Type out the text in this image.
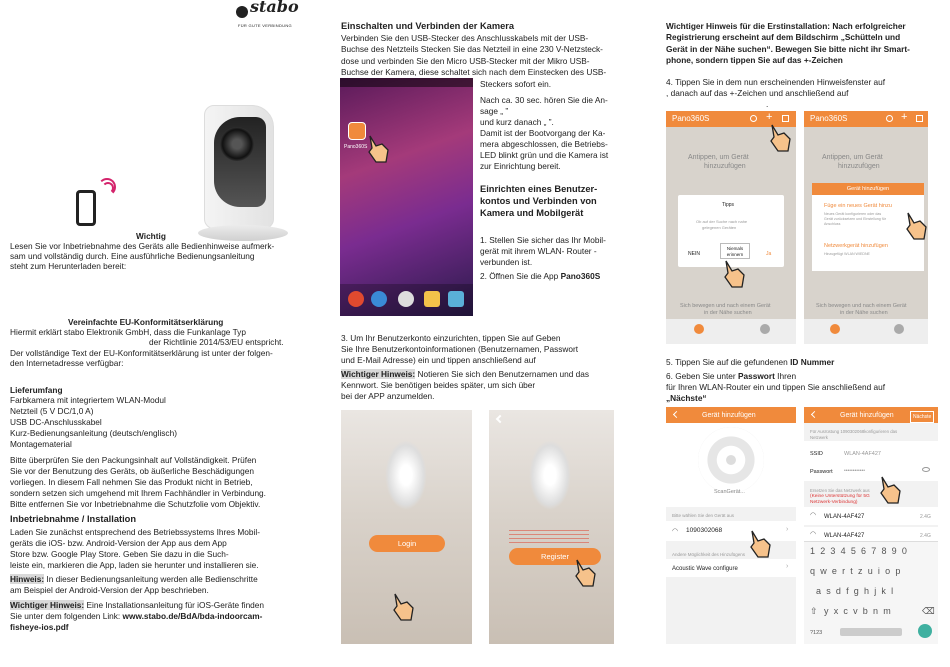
stabo
FÜR GUTE VERBINDUNG
Wichtig
Lesen Sie vor Inbetriebnahme des Geräts alle Bedienhinweise aufmerk-
sam und vollständig durch. Eine ausführliche Bedienungsanleitung
steht zum Herunterladen bereit:
Vereinfachte EU-Konformitätserklärung
Hiermit erklärt stabo Elektronik GmbH, dass die Funkanlage Typ
der Richtlinie 2014/53/EU entspricht.
Der vollständige Text der EU-Konformitätserklärung ist unter der folgen-
den Internetadresse verfügbar:
Lieferumfang
Farbkamera mit integriertem WLAN-Modul
Netzteil (5 V DC/1,0 A)
USB DC-Anschlusskabel
Kurz-Bedienungsanleitung (deutsch/englisch)
Montagematerial
Bitte überprüfen Sie den Packungsinhalt auf Vollständigkeit. Prüfen
Sie vor der Benutzung des Geräts, ob äußerliche Beschädigungen
vorliegen. In diesem Fall nehmen Sie das Produkt nicht in Betrieb,
sondern setzen sich umgehend mit Ihrem Fachhändler in Verbindung.
Bitte entfernen Sie vor Inbetriebnahme die Schutzfolie vom Objektiv.
Inbetriebnahme / Installation
Laden Sie zunächst entsprechend des Betriebssystems Ihres Mobil-
geräts die iOS- bzw. Android-Version der App aus dem App
Store bzw. Google Play Store. Geben Sie dazu in die Such-
leiste ein, markieren die App, laden sie herunter und installieren sie.
Hinweis: In dieser Bedienungsanleitung werden alle Bedienschritte
am Beispiel der Android-Version der App beschrieben.
Wichtiger Hinweis: Eine Installationsanleitung für iOS-Geräte finden
Sie unter dem folgenden Link: www.stabo.de/BdA/bda-indoorcam-
fisheye-ios.pdf
Einschalten und Verbinden der Kamera
Verbinden Sie den USB-Stecker des Anschlusskabels mit der USB-
Buchse des Netzteils Stecken Sie das Netzteil in eine 230 V-Netzsteck-
dose und verbinden Sie den Micro USB-Stecker mit der Mikro USB-
Buchse der Kamera, diese schaltet sich nach dem Einstecken des USB-
Pano360S
Steckers sofort ein.
Nach ca. 30 sec. hören Sie die An-
sage „ ”
und kurz danach „ ”.
Damit ist der Bootvorgang der Ka-
mera abgeschlossen, die Betriebs-
LED blinkt grün und die Kamera ist
zur Einrichtung bereit.
Einrichten eines Benutzer-
kontos und Verbinden von
Kamera und Mobilgerät
1. Stellen Sie sicher das Ihr Mobil-
gerät mit ihrem WLAN- Router -
verbunden ist.
2. Öffnen Sie die App Pano360S
3. Um Ihr Benutzerkonto einzurichten, tippen Sie auf Geben
Sie Ihre Benutzerkontoinformationen (Benutzernamen, Passwort
und E-Mail Adresse) ein und tippen anschließend auf
Wichtiger Hinweis: Notieren Sie sich den Benutzernamen und das
Kennwort. Sie benötigen beides später, um sich über
bei der APP anzumelden.
Login
Register
Wichtiger Hinweis für die Erstinstallation: Nach erfolgreicher
Registrierung erscheint auf dem Bildschirm „Schütteln und
Gerät in der Nähe suchen“. Bewegen Sie bitte nicht ihr Smart-
phone, sondern tippen Sie auf das +-Zeichen
4. Tippen Sie in dem nun erscheinenden Hinweisfenster auf
, danach auf das +-Zeichen und anschließend auf
.
Pano360S	+
Antippen, um Gerät
hinzuzufügen
Tipps
Ob auf der Suche nach nahe
gelegenen Geräten
NEIN
Niemals
erinnern	Ja
Sich bewegen und nach einem Gerät
in der Nähe suchen
Pano360S	+
Antippen, um Gerät
hinzuzufügen
Gerät hinzufügen
Füge ein neues Gerät hinzu
Neues Gerät konfigurieren oder das
Gerät zurücksetzen und Einstellung für
Anschluss
Netzwerkgerät hinzufügen
Hinzugefügt WLAN WIEDNE
Sich bewegen und nach einem Gerät
in der Nähe suchen
5. Tippen Sie auf die gefundenen ID Nummer
6. Geben Sie unter Passwort Ihren
für Ihren WLAN-Router ein und tippen Sie anschließend auf
„Nächste“
Gerät hinzufügen
ScanGerät...
Bitte wählen Sie den Gerät aus
◠ 1090302068	›
Andere Möglichkeit des Hinzufügens
Acoustic Wave configure	›
Gerät hinzufügen	Nächste
Für Ausrüstung 1090302068konfigurieren das
Netzwerk
SSID	WLAN-4AF427
Passwort ••••••••••••
Ersetzen Sie das Netzwerk aus
(Keine Unterstützung für 5G
Netzwerk-Verbindung)
◠ WLAN-4AF427	2.4G
◠ WLAN-4AF427	2.4G
1234567890
qwertzuiop
asdfghjkl
yxcvbnm
⇧	⌫
?123
